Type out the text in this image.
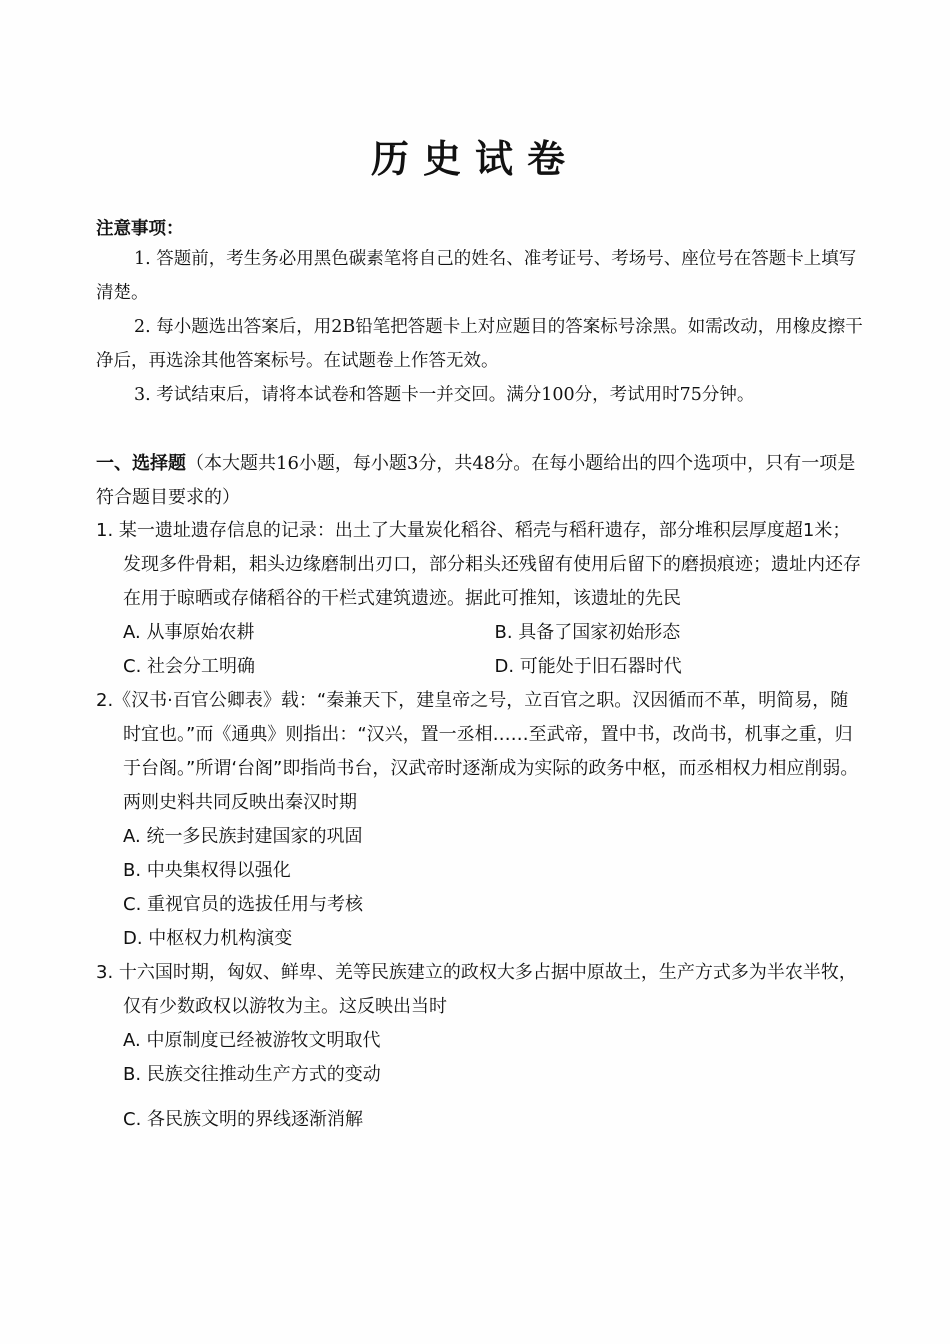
历史试卷
注意事项：
1. 答题前，考生务必用黑色碳素笔将自己的姓名、准考证号、考场号、座位号在答题卡上填写清楚。
2. 每小题选出答案后，用2B铅笔把答题卡上对应题目的答案标号涂黑。如需改动，用橡皮擦干净后，再选涂其他答案标号。在试题卷上作答无效。
3. 考试结束后，请将本试卷和答题卡一并交回。满分100分，考试用时75分钟。
一、选择题（本大题共16小题，每小题3分，共48分。在每小题给出的四个选项中，只有一项是符合题目要求的）
1. 某一遗址遗存信息的记录：出土了大量炭化稻谷、稻壳与稻秆遗存，部分堆积层厚度超1米；发现多件骨耜，耜头边缘磨制出刃口，部分耜头还残留有使用后留下的磨损痕迹；遗址内还存在用于晾晒或存储稻谷的干栏式建筑遗迹。据此可推知，该遗址的先民
A. 从事原始农耕	B. 具备了国家初始形态
C. 社会分工明确	D. 可能处于旧石器时代
2.《汉书·百官公卿表》载：“秦兼天下，建皇帝之号，立百官之职。汉因循而不革，明简易，随时宜也。”而《通典》则指出：“汉兴，置一丞相……至武帝，置中书，改尚书，机事之重，归于台阁。”所谓‘台阁”即指尚书台，汉武帝时逐渐成为实际的政务中枢，而丞相权力相应削弱。两则史料共同反映出秦汉时期
A. 统一多民族封建国家的巩固
B. 中央集权得以强化
C. 重视官员的选拔任用与考核
D. 中枢权力机构演变
3. 十六国时期，匈奴、鲜卑、羌等民族建立的政权大多占据中原故土，生产方式多为半农半牧，仅有少数政权以游牧为主。这反映出当时
A. 中原制度已经被游牧文明取代
B. 民族交往推动生产方式的变动
C. 各民族文明的界线逐渐消解
